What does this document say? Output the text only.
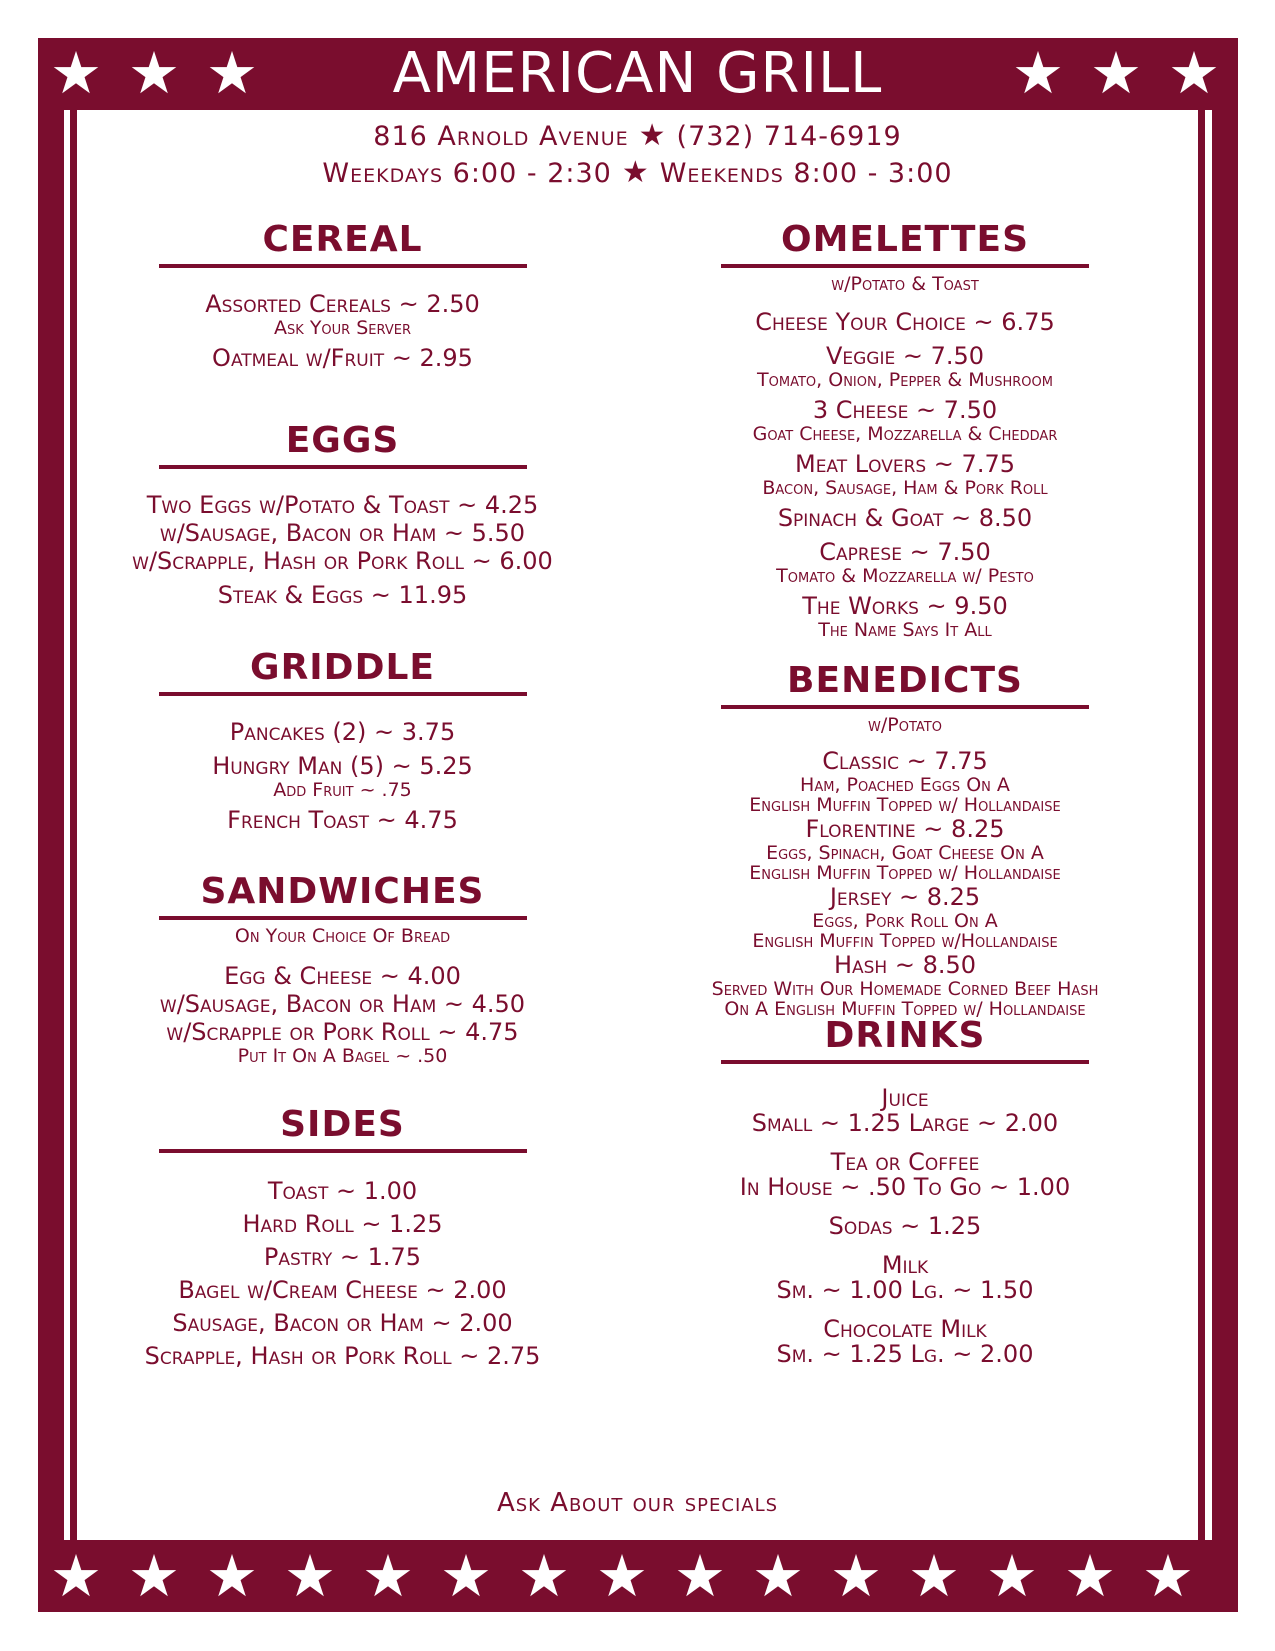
★ ★ ★	★ ★ ★
AMERICAN GRILL
816 Arnold Avenue ★ (732) 714-6919
Weekdays 6:00 - 2:30 ★ Weekends 8:00 - 3:00
CEREAL
Assorted Cereals ~ 2.50
Ask Your Server
Oatmeal w/Fruit ~ 2.95
EGGS
Two Eggs w/Potato & Toast ~ 4.25
w/Sausage, Bacon or Ham ~ 5.50
w/Scrapple, Hash or Pork Roll ~ 6.00
Steak & Eggs ~ 11.95
GRIDDLE
Pancakes (2) ~ 3.75
Hungry Man (5) ~ 5.25
Add Fruit ~ .75
French Toast ~ 4.75
SANDWICHES
On Your Choice Of Bread
Egg & Cheese ~ 4.00
w/Sausage, Bacon or Ham ~ 4.50
w/Scrapple or Pork Roll ~ 4.75
Put It On A Bagel ~ .50
SIDES
Toast ~ 1.00
Hard Roll ~ 1.25
Pastry ~ 1.75
Bagel w/Cream Cheese ~ 2.00
Sausage, Bacon or Ham ~ 2.00
Scrapple, Hash or Pork Roll ~ 2.75
OMELETTES
w/Potato & Toast
Cheese Your Choice ~ 6.75
Veggie ~ 7.50
Tomato, Onion, Pepper & Mushroom
3 Cheese ~ 7.50
Goat Cheese, Mozzarella & Cheddar
Meat Lovers ~ 7.75
Bacon, Sausage, Ham & Pork Roll
Spinach & Goat ~ 8.50
Caprese ~ 7.50
Tomato & Mozzarella w/ Pesto
The Works ~ 9.50
The Name Says It All
BENEDICTS
w/Potato
Classic ~ 7.75
Ham, Poached Eggs On A
English Muffin Topped w/ Hollandaise
Florentine ~ 8.25
Eggs, Spinach, Goat Cheese On A
English Muffin Topped w/ Hollandaise
Jersey ~ 8.25
Eggs, Pork Roll On A
English Muffin Topped w/Hollandaise
Hash ~ 8.50
Served With Our Homemade Corned Beef Hash
On A English Muffin Topped w/ Hollandaise
DRINKS
Juice
Small ~ 1.25 Large ~ 2.00
Tea or Coffee
In House ~ .50 To Go ~ 1.00
Sodas ~ 1.25
Milk
Sm. ~ 1.00 Lg. ~ 1.50
Chocolate Milk
Sm. ~ 1.25 Lg. ~ 2.00
Ask About our specials
★ ★ ★ ★ ★ ★ ★ ★ ★ ★ ★ ★ ★ ★ ★
